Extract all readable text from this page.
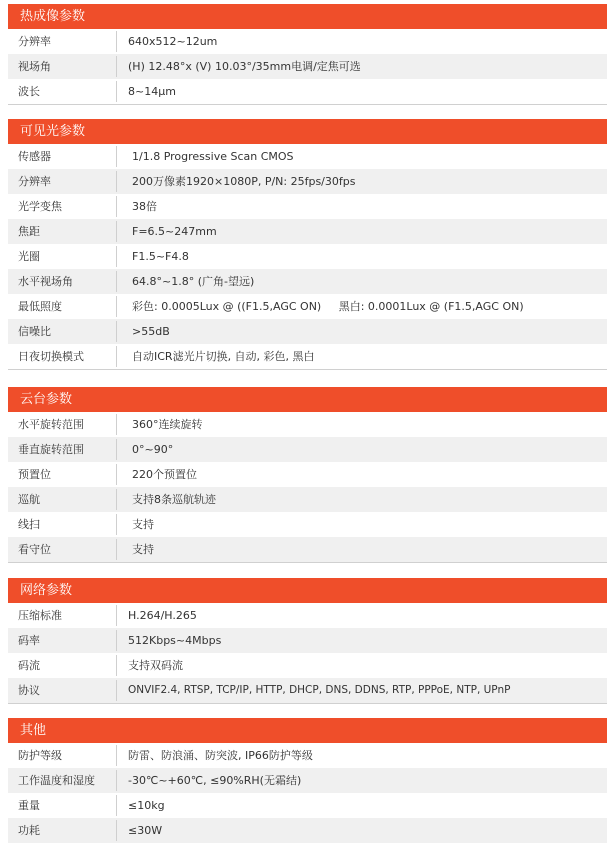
热成像参数
分辨率	640x512~12um
视场角	(H) 12.48°x (V) 10.03°/35mm电调/定焦可选
波长	8~14μm
可见光参数
传感器	1/1.8 Progressive Scan CMOS
分辨率	200万像素1920×1080P, P/N: 25fps/30fps
光学变焦	38倍
焦距	F=6.5~247mm
光圈	F1.5~F4.8
水平视场角	64.8°~1.8° (广角-望远)
最低照度	彩色: 0.0005Lux @ ((F1.5,AGC ON)     黑白: 0.0001Lux @ (F1.5,AGC ON)
信噪比	>55dB
日夜切换模式	自动ICR滤光片切换, 自动, 彩色, 黑白
云台参数
水平旋转范围	360°连续旋转
垂直旋转范围	0°~90°
预置位	220个预置位
巡航	支持8条巡航轨迹
线扫	支持
看守位	支持
网络参数
压缩标准	H.264/H.265
码率	512Kbps~4Mbps
码流	支持双码流
协议	ONVIF2.4, RTSP, TCP/IP, HTTP, DHCP, DNS, DDNS, RTP, PPPoE, NTP, UPnP
其他
防护等级	防雷、防浪涌、防突波, IP66防护等级
工作温度和湿度	-30℃~+60℃, ≤90%RH(无霜结)
重量	≤10kg
功耗	≤30W
